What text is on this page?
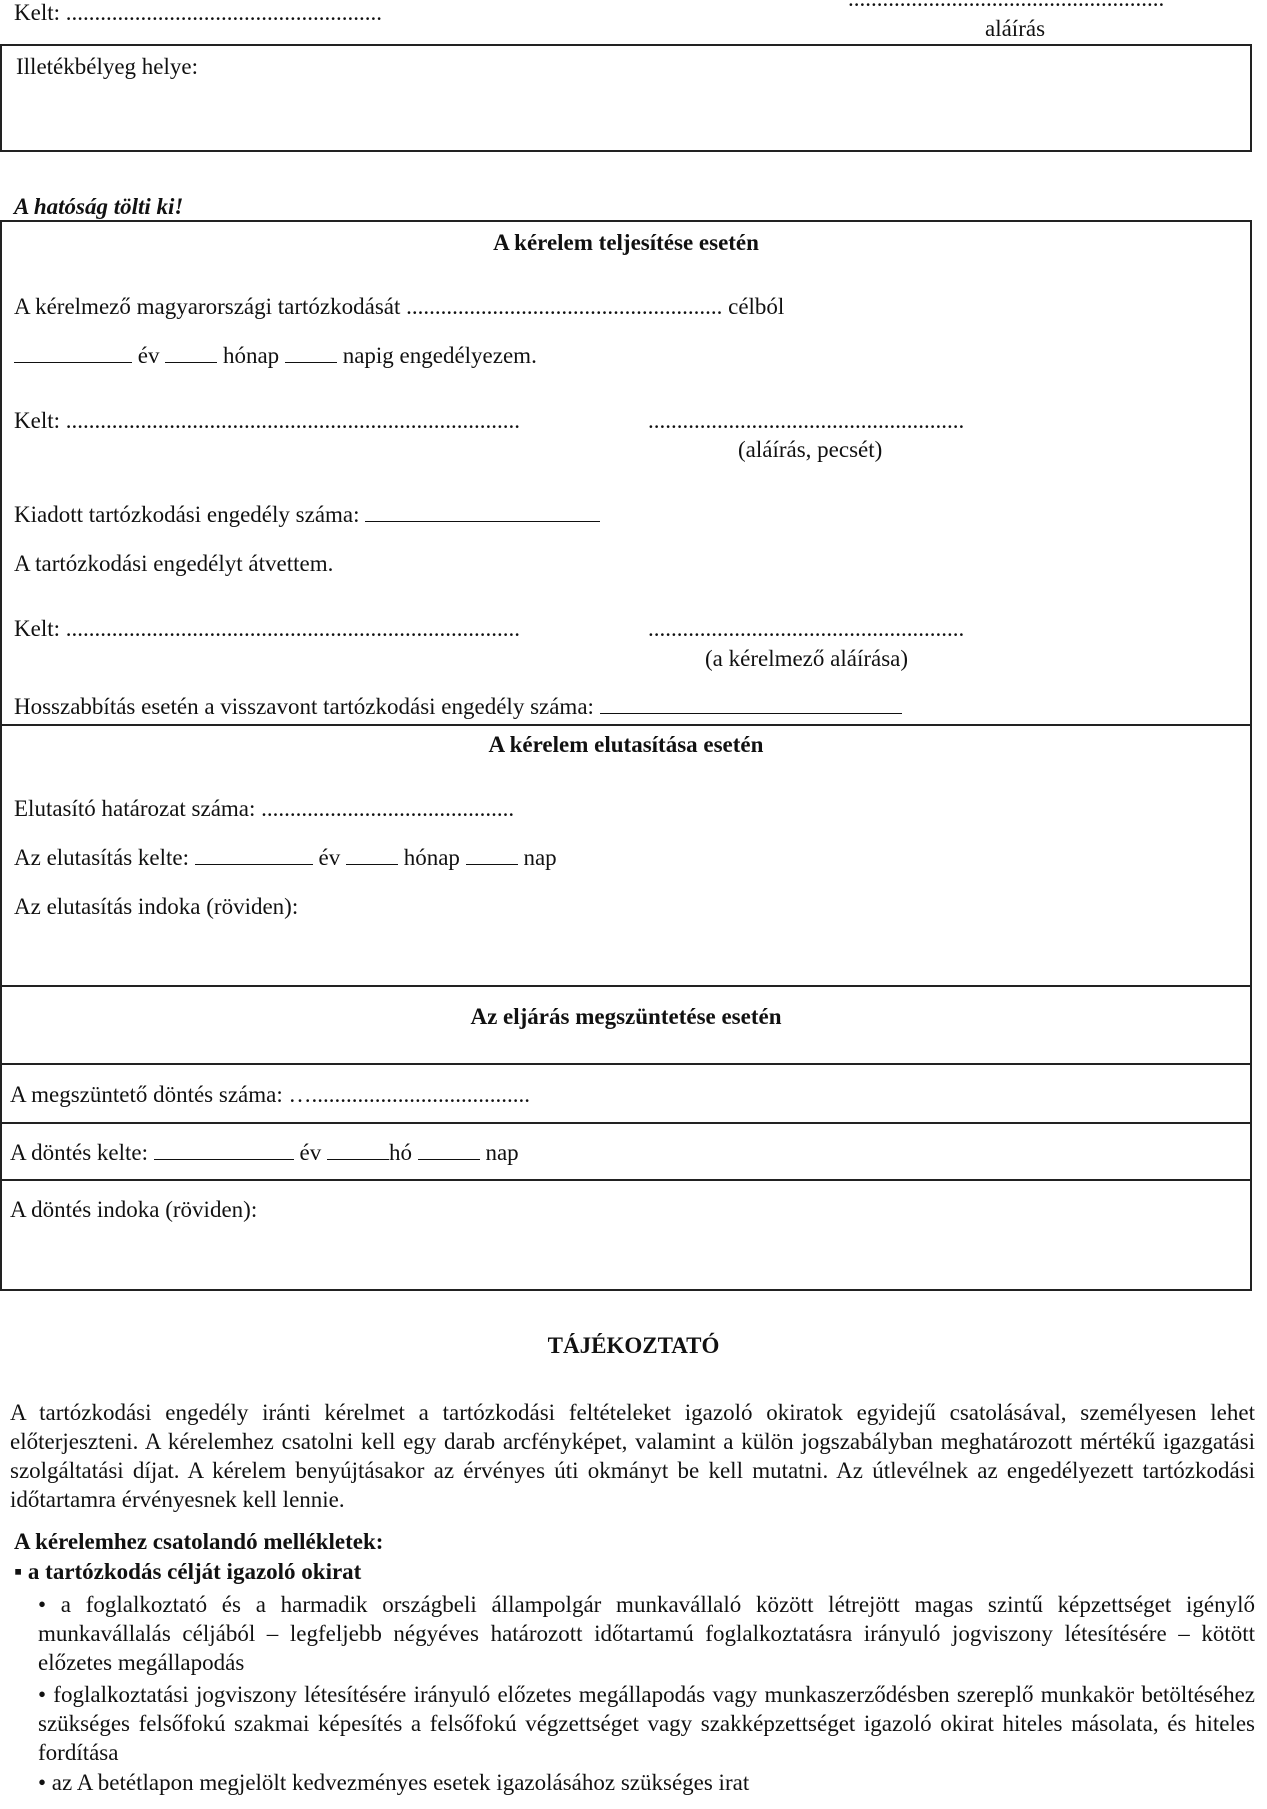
Kelt: .......................................................
aláírás
Illetékbélyeg helye:
A hatóság tölti ki!
A kérelem teljesítése esetén
A kérelmező magyarországi tartózkodását ....................................................... célból
év	hónap	napig engedélyezem.
Kelt: ...............................................................................	.......................................................
(aláírás, pecsét)
Kiadott tartózkodási engedély száma:
A tartózkodási engedélyt átvettem.
Kelt: ...............................................................................	.......................................................
(a kérelmező aláírása)
Hosszabbítás esetén a visszavont tartózkodási engedély száma:
A kérelem elutasítása esetén
Elutasító határozat száma: ............................................
Az elutasítás kelte:	év	hónap	nap
Az elutasítás indoka (röviden):
Az eljárás megszüntetése esetén
A megszüntető döntés száma: …......................................
A döntés kelte:	év	hó	nap
A döntés indoka (röviden):
TÁJÉKOZTATÓ
A tartózkodási engedély iránti kérelmet a tartózkodási feltételeket igazoló okiratok egyidejű csatolásával, személyesen lehet előterjeszteni. A kérelemhez csatolni kell egy darab arcfényképet, valamint a külön jogszabályban meghatározott mértékű igazgatási szolgáltatási díjat. A kérelem benyújtásakor az érvényes úti okmányt be kell mutatni. Az útlevélnek az engedélyezett tartózkodási időtartamra érvényesnek kell lennie.
A kérelemhez csatolandó mellékletek:
▪ a tartózkodás célját igazoló okirat
• a foglalkoztató és a harmadik országbeli állampolgár munkavállaló között létrejött magas szintű képzettséget igénylő munkavállalás céljából – legfeljebb négyéves határozott időtartamú foglalkoztatásra irányuló jogviszony létesítésére – kötött előzetes megállapodás
• foglalkoztatási jogviszony létesítésére irányuló előzetes megállapodás vagy munkaszerződésben szereplő munkakör betöltéséhez szükséges felsőfokú szakmai képesítés a felsőfokú végzettséget vagy szakképzettséget igazoló okirat hiteles másolata, és hiteles fordítása
• az A betétlapon megjelölt kedvezményes esetek igazolásához szükséges irat
